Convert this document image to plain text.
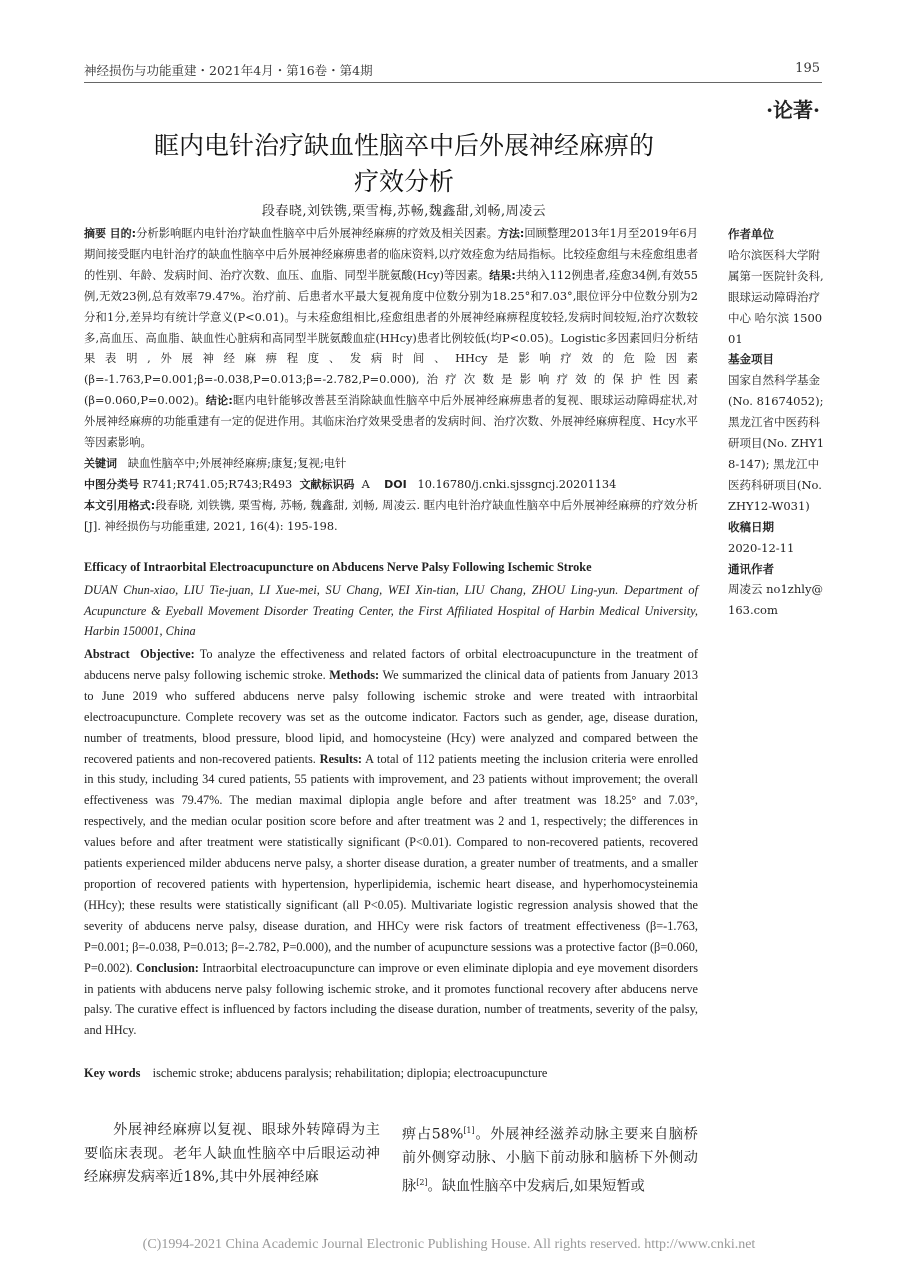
神经损伤与功能重建・2021年4月・第16卷・第4期	195
·论著·
眶内电针治疗缺血性脑卒中后外展神经麻痹的
疗效分析
段春晓,刘铁镌,栗雪梅,苏畅,魏鑫甜,刘畅,周凌云
摘要 目的:分析影响眶内电针治疗缺血性脑卒中后外展神经麻痹的疗效及相关因素。方法:回顾整理2013年1月至2019年6月期间接受眶内电针治疗的缺血性脑卒中后外展神经麻痹患者的临床资料,以疗效痊愈为结局指标。比较痊愈组与未痊愈组患者的性别、年龄、发病时间、治疗次数、血压、血脂、同型半胱氨酸(Hcy)等因素。结果:共纳入112例患者,痊愈34例,有效55例,无效23例,总有效率79.47%。治疗前、后患者水平最大复视角度中位数分别为18.25°和7.03°,眼位评分中位数分别为2分和1分,差异均有统计学意义(P<0.01)。与未痊愈组相比,痊愈组患者的外展神经麻痹程度较轻,发病时间较短,治疗次数较多,高血压、高血脂、缺血性心脏病和高同型半胱氨酸血症(HHcy)患者比例较低(均P<0.05)。Logistic多因素回归分析结果表明,外展神经麻痹程度、发病时间、HHcy是影响疗效的危险因素(β=-1.763,P=0.001;β=-0.038,P=0.013;β=-2.782,P=0.000),治疗次数是影响疗效的保护性因素(β=0.060,P=0.002)。结论:眶内电针能够改善甚至消除缺血性脑卒中后外展神经麻痹患者的复视、眼球运动障碍症状,对外展神经麻痹的功能重建有一定的促进作用。其临床治疗效果受患者的发病时间、治疗次数、外展神经麻痹程度、Hcy水平等因素影响。
关键词 缺血性脑卒中;外展神经麻痹;康复;复视;电针
中图分类号 R741;R741.05;R743;R493 文献标识码 A DOI 10.16780/j.cnki.sjssgncj.20201134
本文引用格式:段春晓, 刘铁镌, 栗雪梅, 苏畅, 魏鑫甜, 刘畅, 周凌云. 眶内电针治疗缺血性脑卒中后外展神经麻痹的疗效分析[J]. 神经损伤与功能重建, 2021, 16(4): 195-198.
作者单位
哈尔滨医科大学附属第一医院针灸科,眼球运动障碍治疗中心 哈尔滨 150001
基金项目
国家自然科学基金(No. 81674052); 黑龙江省中医药科研项目(No. ZHY18-147); 黑龙江中医药科研项目(No. ZHY12-W031)
收稿日期
2020-12-11
通讯作者
周凌云 no1zhly@163.com
Efficacy of Intraorbital Electroacupuncture on Abducens Nerve Palsy Following Ischemic Stroke
DUAN Chun-xiao, LIU Tie-juan, LI Xue-mei, SU Chang, WEI Xin-tian, LIU Chang, ZHOU Ling-yun. Department of Acupuncture & Eyeball Movement Disorder Treating Center, the First Affiliated Hospital of Harbin Medical University, Harbin 150001, China
Abstract Objective: To analyze the effectiveness and related factors of orbital electroacupuncture in the treatment of abducens nerve palsy following ischemic stroke. Methods: We summarized the clinical data of patients from January 2013 to June 2019 who suffered abducens nerve palsy following ischemic stroke and were treated with intraorbital electroacupuncture. Complete recovery was set as the outcome indicator. Factors such as gender, age, disease duration, number of treatments, blood pressure, blood lipid, and homocysteine (Hcy) were analyzed and compared between the recovered patients and non-recovered patients. Results: A total of 112 patients meeting the inclusion criteria were enrolled in this study, including 34 cured patients, 55 patients with improvement, and 23 patients without improvement; the overall effectiveness was 79.47%. The median maximal diplopia angle before and after treatment was 18.25° and 7.03°, respectively, and the median ocular position score before and after treatment was 2 and 1, respectively; the differences in values before and after treatment were statistically significant (P<0.01). Compared to non-recovered patients, recovered patients experienced milder abducens nerve palsy, a shorter disease duration, a greater number of treatments, and a smaller proportion of recovered patients with hypertension, hyperlipidemia, ischemic heart disease, and hyperhomocysteinemia (HHcy); these results were statistically significant (all P<0.05). Multivariate logistic regression analysis showed that the severity of abducens nerve palsy, disease duration, and HHCy were risk factors of treatment effectiveness (β=-1.763, P=0.001; β=-0.038, P=0.013; β=-2.782, P=0.000), and the number of acupuncture sessions was a protective factor (β=0.060, P=0.002). Conclusion: Intraorbital electroacupuncture can improve or even eliminate diplopia and eye movement disorders in patients with abducens nerve palsy following ischemic stroke, and it promotes functional recovery after abducens nerve palsy. The curative effect is influenced by factors including the disease duration, number of treatments, severity of the palsy, and HHcy.
Key words ischemic stroke; abducens paralysis; rehabilitation; diplopia; electroacupuncture
外展神经麻痹以复视、眼球外转障碍为主要临床表现。老年人缺血性脑卒中后眼运动神经麻痹发病率近18%,其中外展神经麻
痹占58%[1]。外展神经滋养动脉主要来自脑桥前外侧穿动脉、小脑下前动脉和脑桥下外侧动脉[2]。缺血性脑卒中发病后,如果短暂或
(C)1994-2021 China Academic Journal Electronic Publishing House. All rights reserved. http://www.cnki.net
